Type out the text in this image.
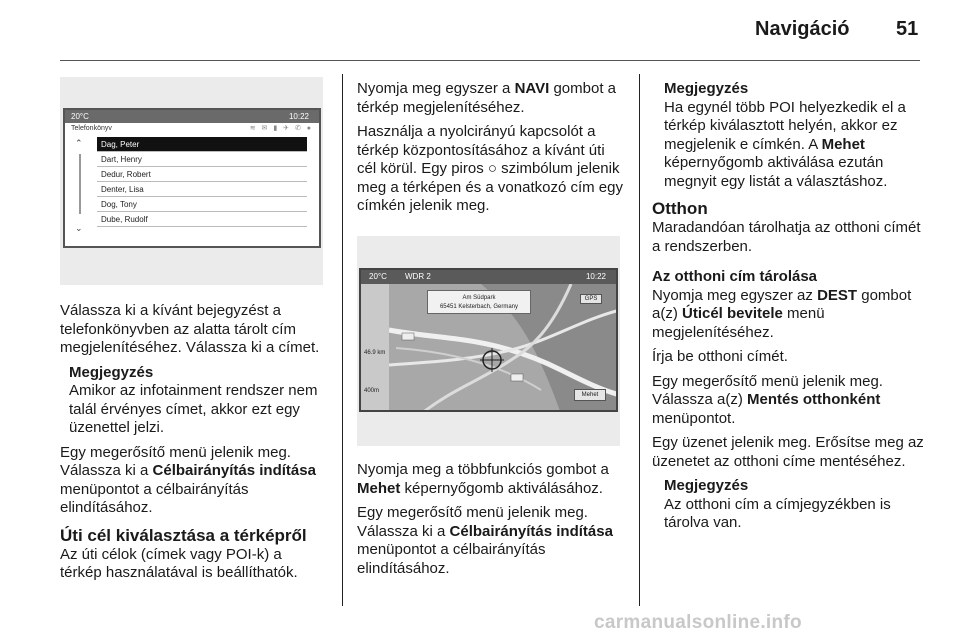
Navigáció 51
20°C	10:22
Telefonkönyv	≋ ✉ ▮ ✈ ✆ ●
⌃
⌄
Dag, Peter
Dart, Henry
Dedur, Robert
Denter, Lisa
Dog, Tony
Dube, Rudolf

Válassza ki a kívánt bejegyzést a telefonkönyvben az alatta tárolt cím megjelenítéséhez. Válassza ki a címet.

Megjegyzés
Amikor az infotainment rendszer nem talál érvényes címet, akkor ezt egy üzenettel jelzi.

Egy megerősítő menü jelenik meg. Válassza ki a Célbairányítás indítása menüpontot a célbairányítás elindításához.

Úti cél kiválasztása a térképről

Az úti célok (címek vagy POI-k) a térkép használatával is beállíthatók.

Nyomja meg egyszer a NAVI gombot a térkép megjelenítéséhez.

Használja a nyolcirányú kapcsolót a térkép központosításához a kívánt úti cél körül. Egy piros ○ szimbólum jelenik meg a térképen és a vonatkozó cím egy címkén jelenik meg.

20°C WDR 2	10:22
Am Südpark
65451 Kelsterbach, Germany
GPS
46.9 km
400m
Mehet

Nyomja meg a többfunkciós gombot a Mehet képernyőgomb aktiválásához.

Egy megerősítő menü jelenik meg. Válassza ki a Célbairányítás indítása menüpontot a célbairányítás elindításához.

Megjegyzés
Ha egynél több POI helyezkedik el a térkép kiválasztott helyén, akkor ez megjelenik e címkén. A Mehet képernyőgomb aktiválása ezután megnyit egy listát a választáshoz.
Otthon

Maradandóan tárolhatja az otthoni címét a rendszerben.

Az otthoni cím tárolása

Nyomja meg egyszer az DEST gombot a(z) Úticél bevitele menü megjelenítéséhez.

Írja be otthoni címét.

Egy megerősítő menü jelenik meg. Válassza a(z) Mentés otthonként menüpontot.

Egy üzenet jelenik meg. Erősítse meg az üzenetet az otthoni címe mentéséhez.

Megjegyzés
Az otthoni cím a címjegyzékben is tárolva van.
carmanualsonline.info
